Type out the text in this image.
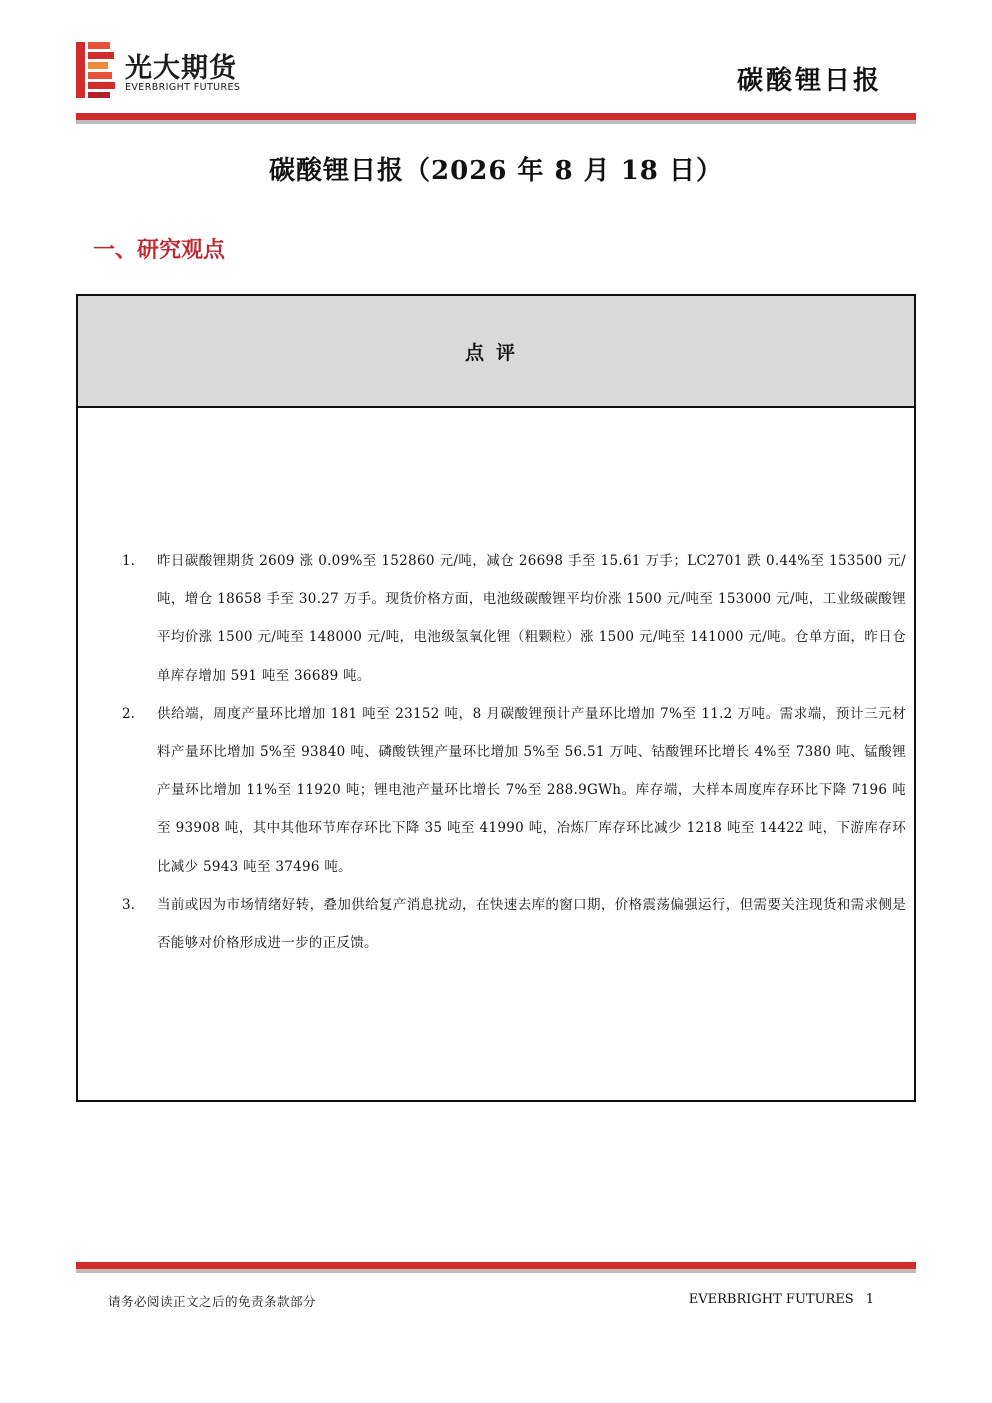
光大期货
EVERBRIGHT FUTURES	碳酸锂日报
碳酸锂日报（2026 年 8 月 18 日）
一、研究观点
点评
1. 昨日碳酸锂期货 2609 涨 0.09%至 152860 元/吨，减仓 26698 手至 15.61 万手；LC2701 跌 0.44%至 153500 元/吨，增仓 18658 手至 30.27 万手。现货价格方面，电池级碳酸锂平均价涨 1500 元/吨至 153000 元/吨，工业级碳酸锂平均价涨 1500 元/吨至 148000 元/吨，电池级氢氧化锂（粗颗粒）涨 1500 元/吨至 141000 元/吨。仓单方面，昨日仓单库存增加 591 吨至 36689 吨。
2. 供给端，周度产量环比增加 181 吨至 23152 吨，8 月碳酸锂预计产量环比增加 7%至 11.2 万吨。需求端，预计三元材料产量环比增加 5%至 93840 吨、磷酸铁锂产量环比增加 5%至 56.51 万吨、钴酸锂环比增长 4%至 7380 吨、锰酸锂产量环比增加 11%至 11920 吨；锂电池产量环比增长 7%至 288.9GWh。库存端，大样本周度库存环比下降 7196 吨至 93908 吨，其中其他环节库存环比下降 35 吨至 41990 吨，冶炼厂库存环比减少 1218 吨至 14422 吨，下游库存环比减少 5943 吨至 37496 吨。
3. 当前或因为市场情绪好转，叠加供给复产消息扰动，在快速去库的窗口期，价格震荡偏强运行，但需要关注现货和需求侧是否能够对价格形成进一步的正反馈。
请务必阅读正文之后的免责条款部分	EVERBRIGHT FUTURES 1
